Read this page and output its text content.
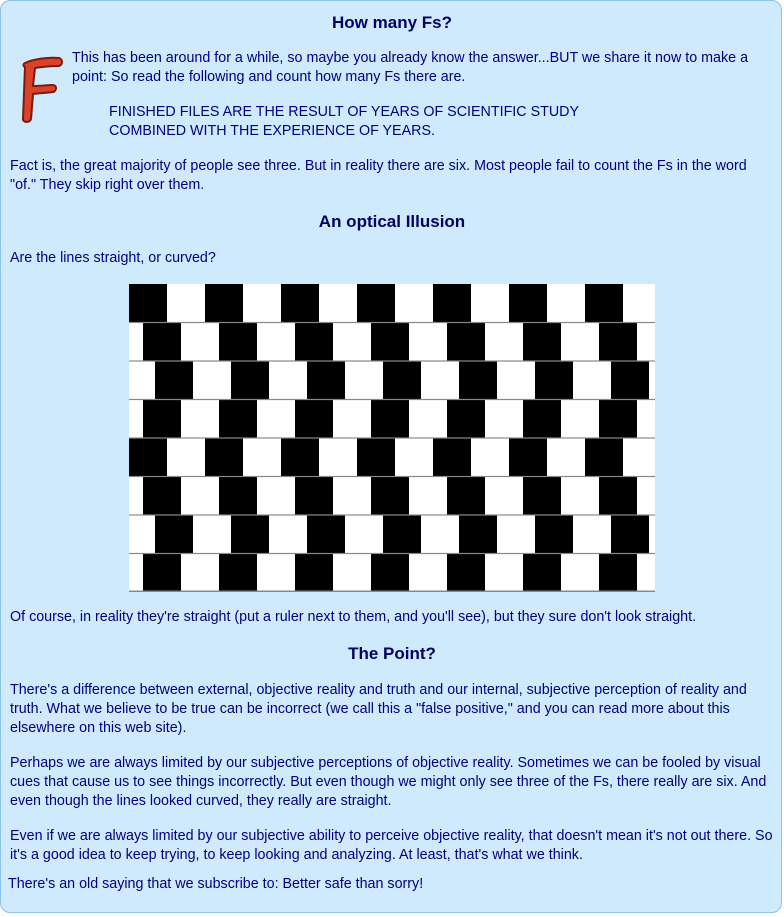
How many Fs?
This has been around for a while, so maybe you already know the answer...BUT we share it now to make a point: So read the following and count how many Fs there are.
FINISHED FILES ARE THE RESULT OF YEARS OF SCIENTIFIC STUDY
COMBINED WITH THE EXPERIENCE OF YEARS.
Fact is, the great majority of people see three. But in reality there are six. Most people fail to count the Fs in the word "of." They skip right over them.
An optical Illusion
Are the lines straight, or curved?
Of course, in reality they're straight (put a ruler next to them, and you'll see), but they sure don't look straight.
The Point?
There's a difference between external, objective reality and truth and our internal, subjective perception of reality and truth. What we believe to be true can be incorrect (we call this a "false positive," and you can read more about this elsewhere on this web site).
Perhaps we are always limited by our subjective perceptions of objective reality. Sometimes we can be fooled by visual cues that cause us to see things incorrectly. But even though we might only see three of the Fs, there really are six. And even though the lines looked curved, they really are straight.
Even if we are always limited by our subjective ability to perceive objective reality, that doesn't mean it's not out there. So it's a good idea to keep trying, to keep looking and analyzing. At least, that's what we think.
There's an old saying that we subscribe to: Better safe than sorry!
